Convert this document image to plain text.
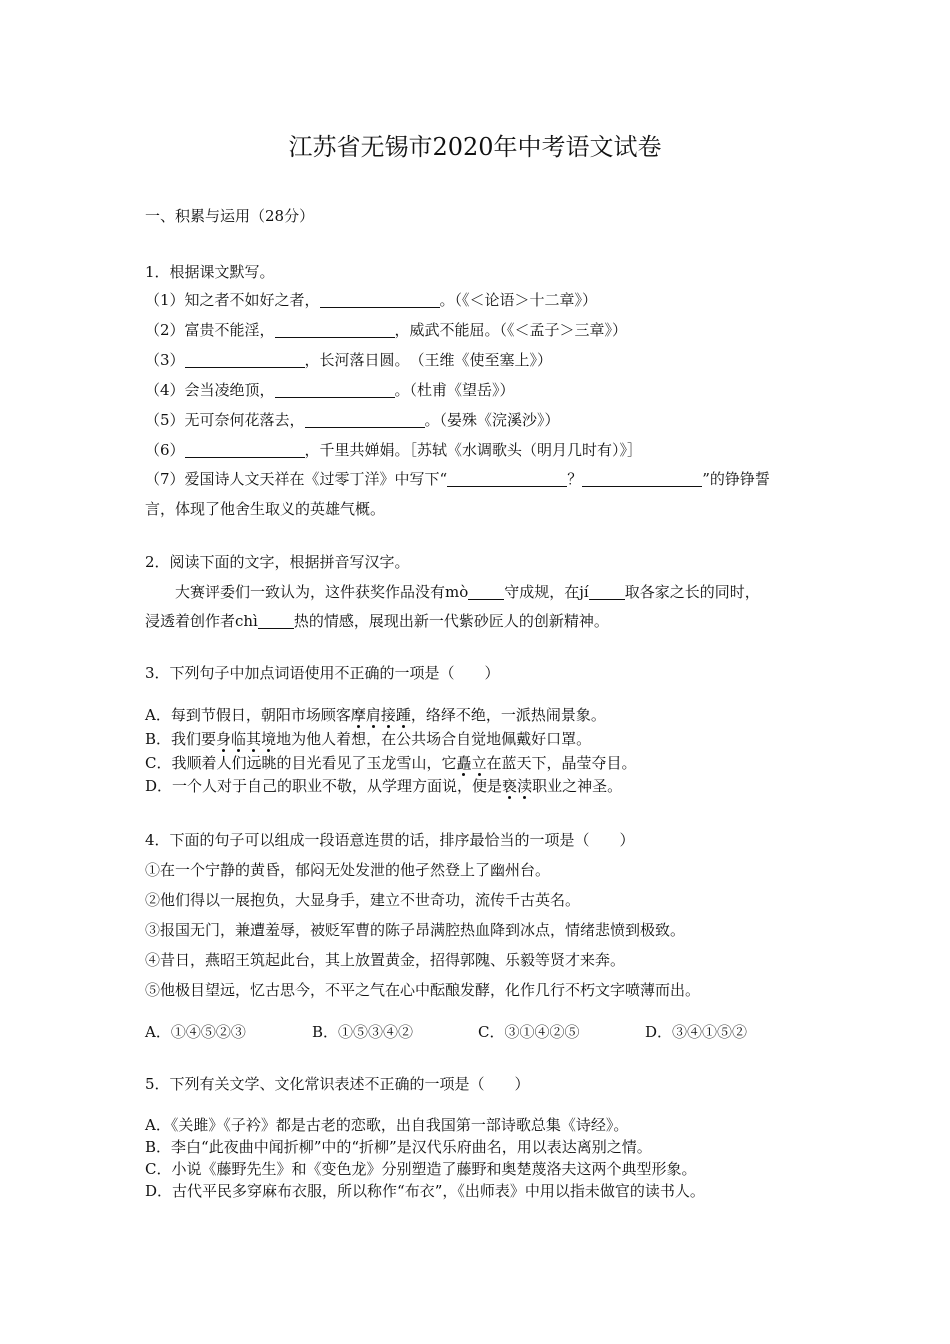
江苏省无锡市2020年中考语文试卷
一、积累与运用（28分）
1．根据课文默写。
（1）知之者不如好之者，	。（《＜论语＞十二章》）
（2）富贵不能淫，	，威武不能屈。（《＜孟子＞三章》）
（3）	，长河落日圆。　（王维《使至塞上》）
（4）会当凌绝顶，	。（杜甫《望岳》）
（5）无可奈何花落去，	。（晏殊《浣溪沙》）
（6）	，千里共婵娟。［苏轼《水调歌头（明月几时有）》］
（7）爱国诗人文天祥在《过零丁洋》中写下“	？	”的铮铮誓
言，体现了他舍生取义的英雄气概。
2．阅读下面的文字，根据拼音写汉字。
大赛评委们一致认为，这件获奖作品没有mò 守成规，在jí 取各家之长的同时，
浸透着创作者chì 热的情感，展现出新一代紫砂匠人的创新精神。
3．下列句子中加点词语使用不正确的一项是（　　）
A．每到节假日，朝阳市场顾客摩肩接踵，络绎不绝，一派热闹景象。
B．我们要身临其境地为他人着想，在公共场合自觉地佩戴好口罩。
C．我顺着人们远眺的目光看见了玉龙雪山，它矗立在蓝天下，晶莹夺目。
D．一个人对于自己的职业不敬，从学理方面说，便是亵渎职业之神圣。
4．下面的句子可以组成一段语意连贯的话，排序最恰当的一项是（　　）
①在一个宁静的黄昏，郁闷无处发泄的他孑然登上了幽州台。
②他们得以一展抱负，大显身手，建立不世奇功，流传千古英名。
③报国无门，兼遭羞辱，被贬军曹的陈子昂满腔热血降到冰点，情绪悲愤到极致。
④昔日，燕昭王筑起此台，其上放置黄金，招得郭隗、乐毅等贤才来奔。
⑤他极目望远，忆古思今，不平之气在心中酝酿发酵，化作几行不朽文字喷薄而出。
A．①④⑤②③	B．①⑤③④②	C．③①④②⑤	D．③④①⑤②
5．下列有关文学、文化常识表述不正确的一项是（　　）
A．《关雎》《子衿》都是古老的恋歌，出自我国第一部诗歌总集《诗经》。
B．李白“此夜曲中闻折柳”中的“折柳”是汉代乐府曲名，用以表达离别之情。
C．小说《藤野先生》和《变色龙》分别塑造了藤野和奥楚蔑洛夫这两个典型形象。
D．古代平民多穿麻布衣服，所以称作“布衣”，《出师表》中用以指未做官的读书人。
